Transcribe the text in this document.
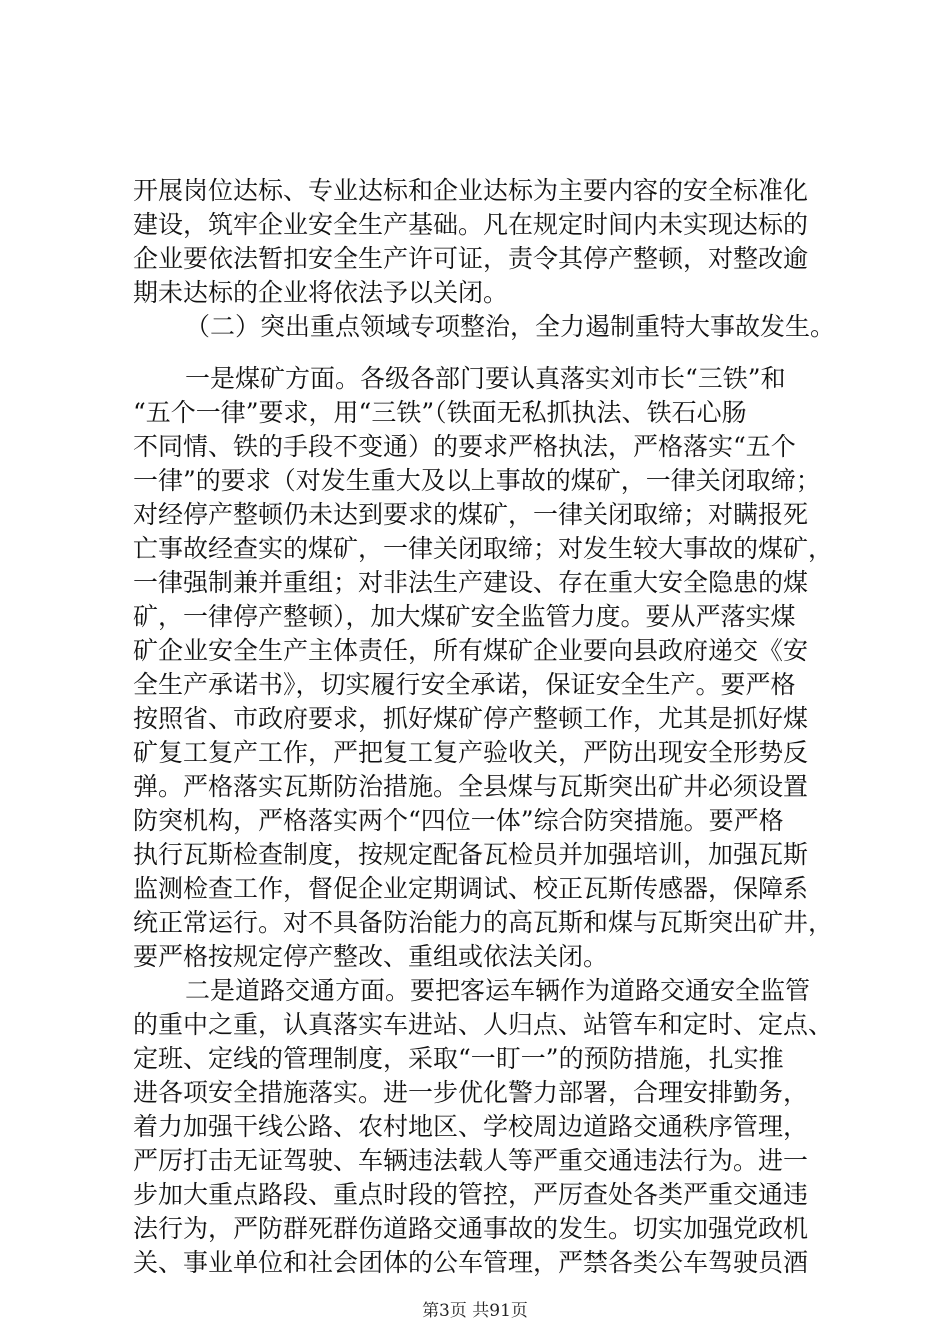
开展岗位达标、专业达标和企业达标为主要内容的安全标准化
建设，筑牢企业安全生产基础。凡在规定时间内未实现达标的
企业要依法暂扣安全生产许可证，责令其停产整顿，对整改逾
期未达标的企业将依法予以关闭。
（二）突出重点领域专项整治，全力遏制重特大事故发生。
一是煤矿方面。各级各部门要认真落实刘市长“三铁”和
“五个一律”要求，用“三铁”（铁面无私抓执法、铁石心肠
不同情、铁的手段不变通）的要求严格执法，严格落实“五个
一律”的要求（对发生重大及以上事故的煤矿，一律关闭取缔；
对经停产整顿仍未达到要求的煤矿，一律关闭取缔；对瞒报死
亡事故经查实的煤矿，一律关闭取缔；对发生较大事故的煤矿，
一律强制兼并重组；对非法生产建设、存在重大安全隐患的煤
矿，一律停产整顿），加大煤矿安全监管力度。要从严落实煤
矿企业安全生产主体责任，所有煤矿企业要向县政府递交《安
全生产承诺书》，切实履行安全承诺，保证安全生产。要严格
按照省、市政府要求，抓好煤矿停产整顿工作，尤其是抓好煤
矿复工复产工作，严把复工复产验收关，严防出现安全形势反
弹。严格落实瓦斯防治措施。全县煤与瓦斯突出矿井必须设置
防突机构，严格落实两个“四位一体”综合防突措施。要严格
执行瓦斯检查制度，按规定配备瓦检员并加强培训，加强瓦斯
监测检查工作，督促企业定期调试、校正瓦斯传感器，保障系
统正常运行。对不具备防治能力的高瓦斯和煤与瓦斯突出矿井，
要严格按规定停产整改、重组或依法关闭。
二是道路交通方面。要把客运车辆作为道路交通安全监管
的重中之重，认真落实车进站、人归点、站管车和定时、定点、
定班、定线的管理制度，采取“一盯一”的预防措施，扎实推
进各项安全措施落实。进一步优化警力部署，合理安排勤务，
着力加强干线公路、农村地区、学校周边道路交通秩序管理，
严厉打击无证驾驶、车辆违法载人等严重交通违法行为。进一
步加大重点路段、重点时段的管控，严厉查处各类严重交通违
法行为，严防群死群伤道路交通事故的发生。切实加强党政机
关、事业单位和社会团体的公车管理，严禁各类公车驾驶员酒
第3页 共91页
